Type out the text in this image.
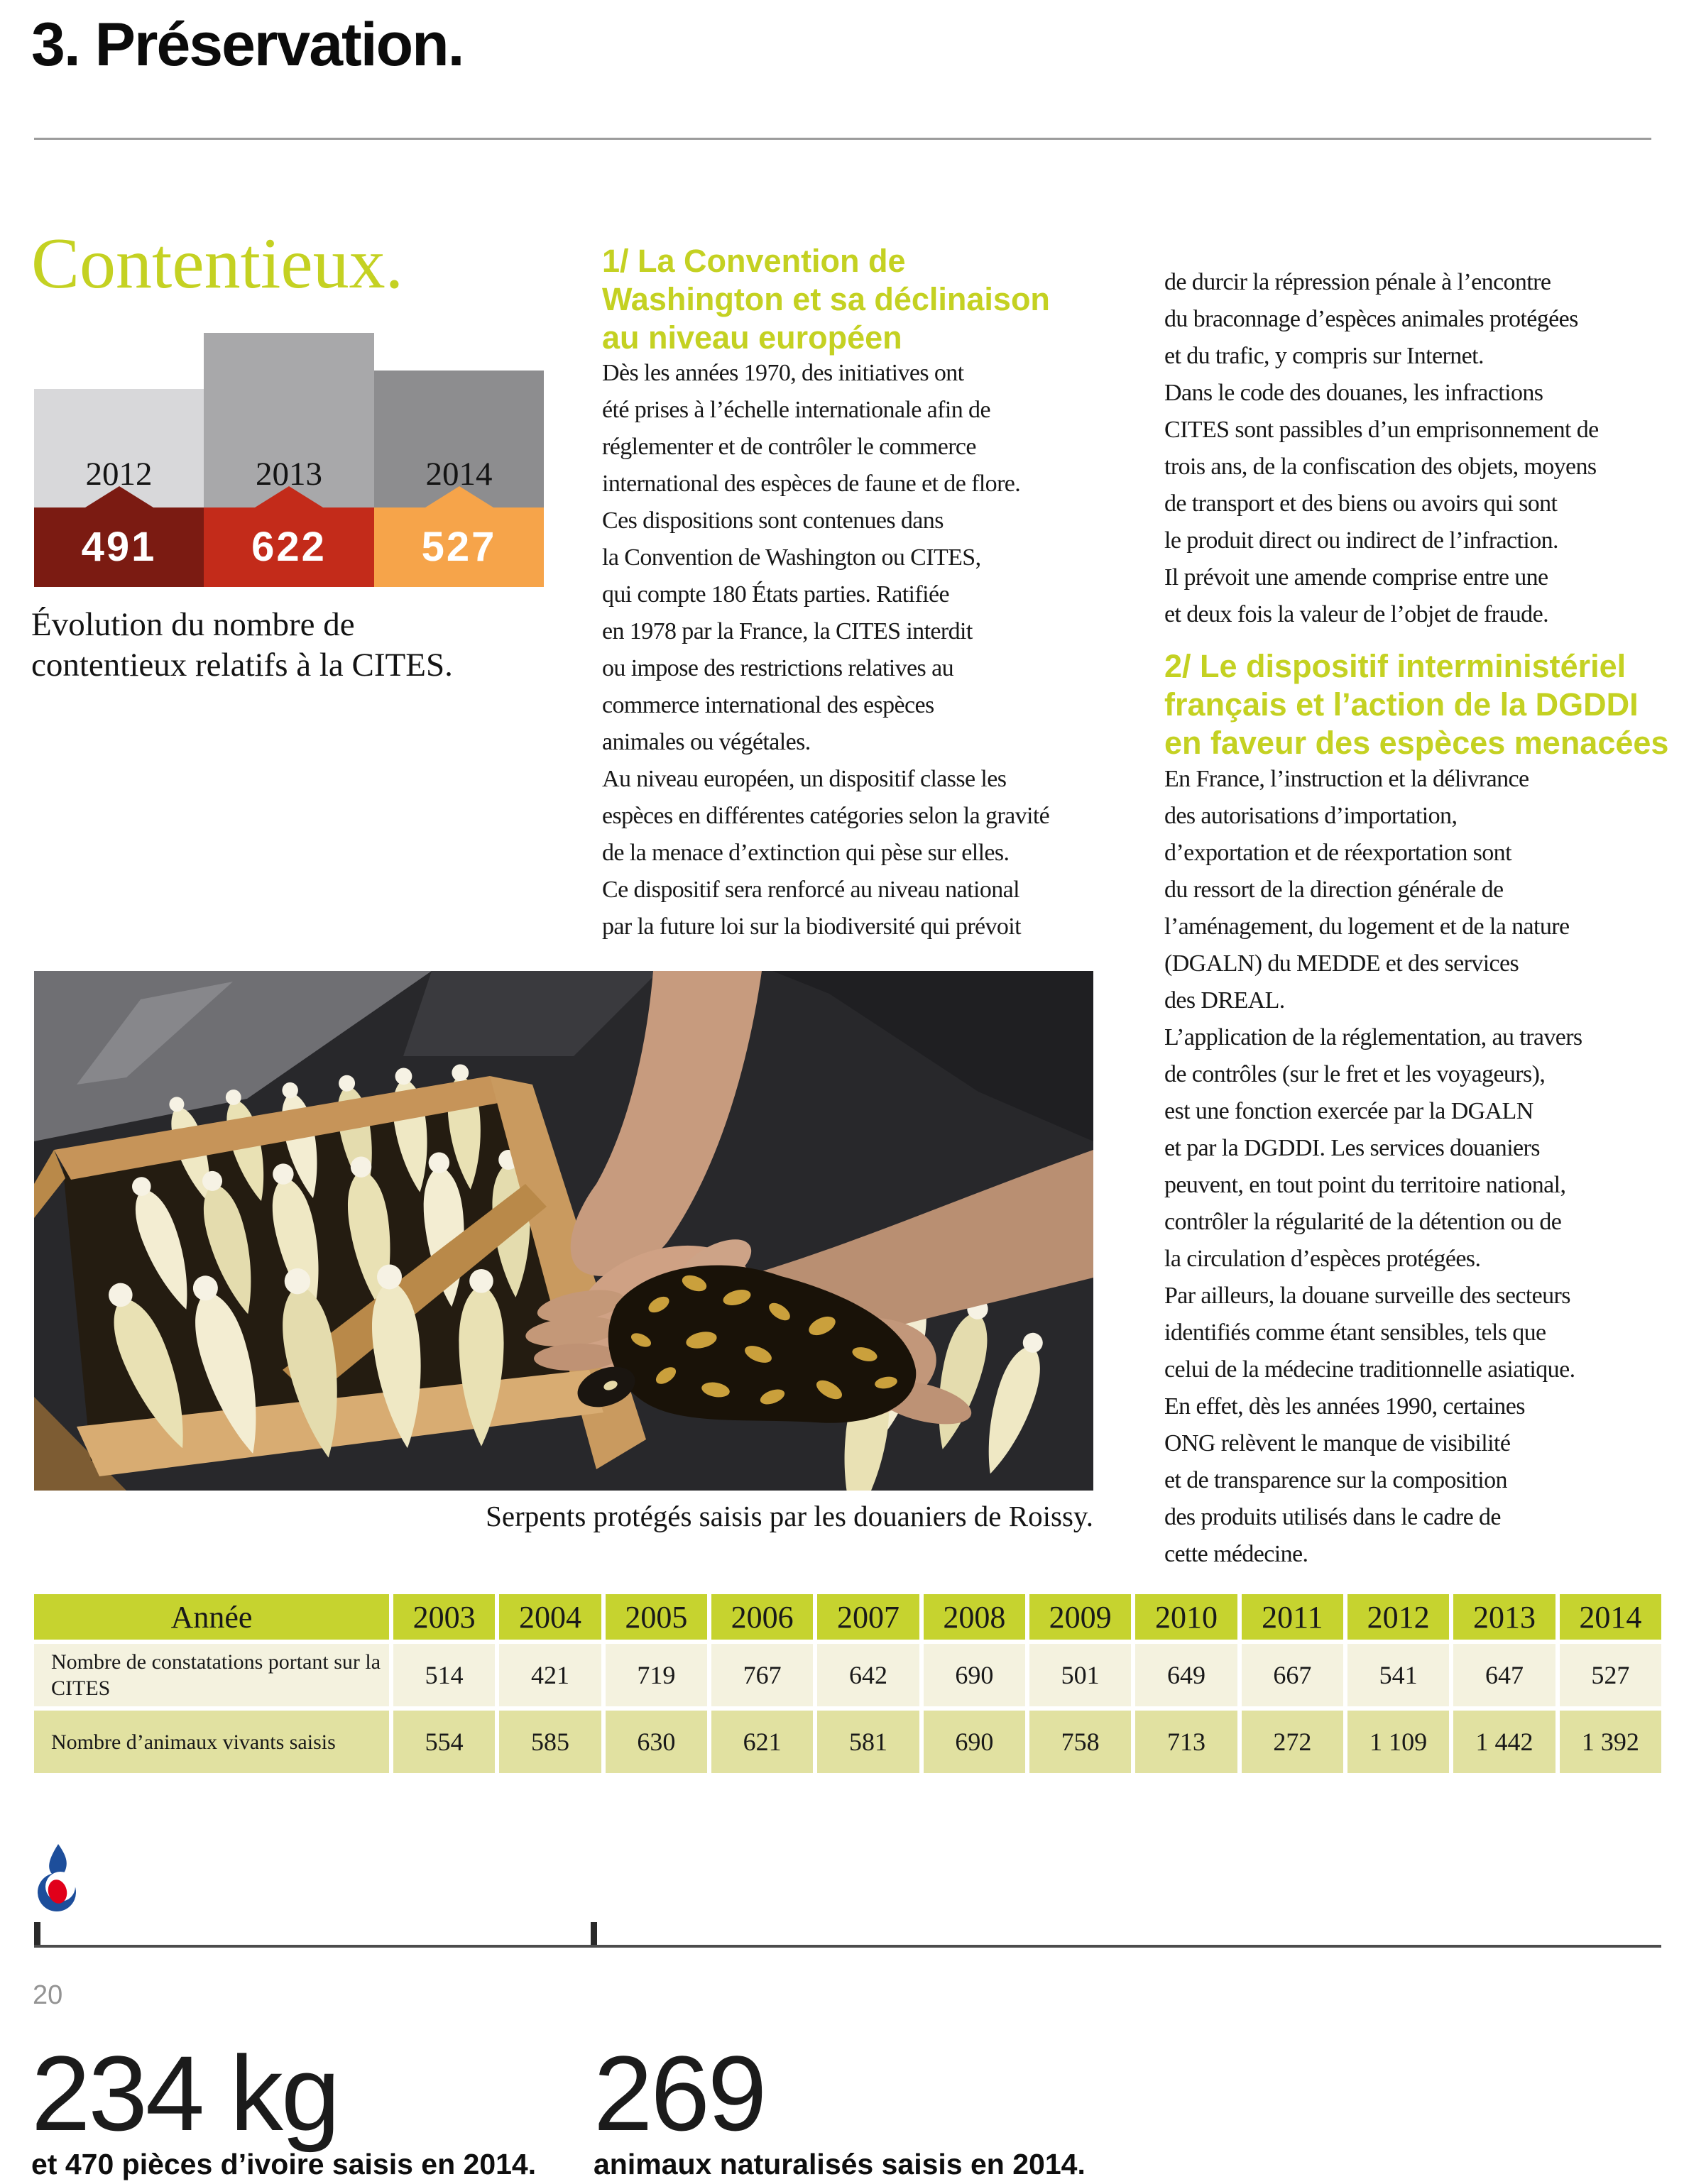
3. Préservation.
Contentieux.
2012
491
2013
622
2014
527
Évolution du nombre de
contentieux relatifs à la CITES.
1/ La Convention de
Washington et sa déclinaison
au niveau européen
Dès les années 1970, des initiatives ont
été prises à l’échelle internationale afin de
réglementer et de contrôler le commerce
international des espèces de faune et de flore.
Ces dispositions sont contenues dans
la Convention de Washington ou CITES,
qui compte 180 États parties. Ratifiée
en 1978 par la France, la CITES interdit
ou impose des restrictions relatives au
commerce international des espèces
animales ou végétales.
Au niveau européen, un dispositif classe les
espèces en différentes catégories selon la gravité
de la menace d’extinction qui pèse sur elles.
Ce dispositif sera renforcé au niveau national
par la future loi sur la biodiversité qui prévoit
de durcir la répression pénale à l’encontre
du braconnage d’espèces animales protégées
et du trafic, y compris sur Internet.
Dans le code des douanes, les infractions
CITES sont passibles d’un emprisonnement de
trois ans, de la confiscation des objets, moyens
de transport et des biens ou avoirs qui sont
le produit direct ou indirect de l’infraction.
Il prévoit une amende comprise entre une
et deux fois la valeur de l’objet de fraude.
2/ Le dispositif interministériel
français et l’action de la DGDDI
en faveur des espèces menacées
En France, l’instruction et la délivrance
des autorisations d’importation,
d’exportation et de réexportation sont
du ressort de la direction générale de
l’aménagement, du logement et de la nature
(DGALN) du MEDDE et des services
des DREAL.
L’application de la réglementation, au travers
de contrôles (sur le fret et les voyageurs),
est une fonction exercée par la DGALN
et par la DGDDI. Les services douaniers
peuvent, en tout point du territoire national,
contrôler la régularité de la détention ou de
la circulation d’espèces protégées.
Par ailleurs, la douane surveille des secteurs
identifiés comme étant sensibles, tels que
celui de la médecine traditionnelle asiatique.
En effet, dès les années 1990, certaines
ONG relèvent le manque de visibilité
et de transparence sur la composition
des produits utilisés dans le cadre de
cette médecine.
Serpents protégés saisis par les douaniers de Roissy.
Année	2003	2004	2005	2006	2007	2008	2009	2010	2011	2012	2013	2014
Nombre de constatations portant sur la CITES	514	421	719	767	642	690	501	649	667	541	647	527
Nombre d’animaux vivants saisis	554	585	630	621	581	690	758	713	272	1 109	1 442	1 392
20
234 kg
et 470 pièces d’ivoire saisis en 2014.
269
animaux naturalisés saisis en 2014.
